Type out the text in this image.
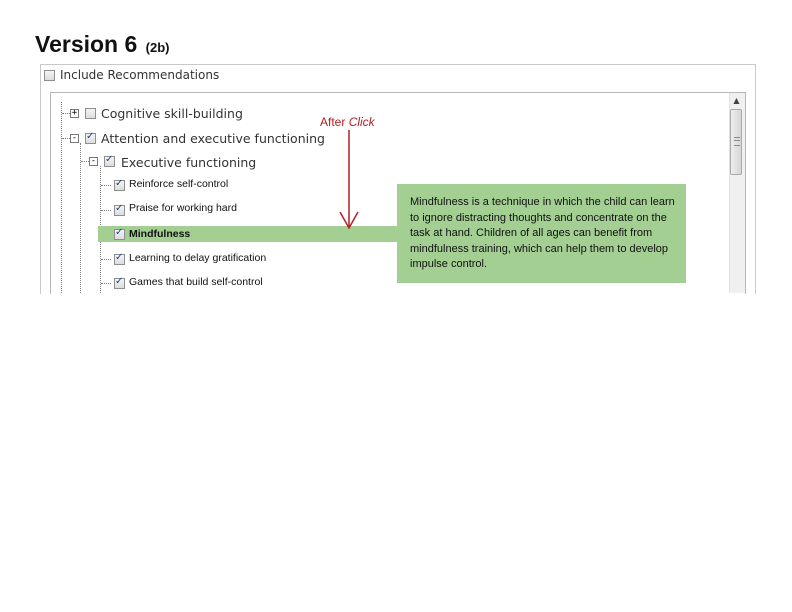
Version 6 (2b)
Include Recommendations
▲
+ Cognitive skill-building
- ✓ Attention and executive functioning
- ✓ Executive functioning
✓
Reinforce self-control
✓
Praise for working hard
✓
Mindfulness
✓
Learning to delay gratification
✓
Games that build self-control
After Click
Mindfulness is a technique in which the child can learn to ignore distracting thoughts and concentrate on the task at hand. Children of all ages can benefit from mindfulness training, which can help them to develop impulse control.
